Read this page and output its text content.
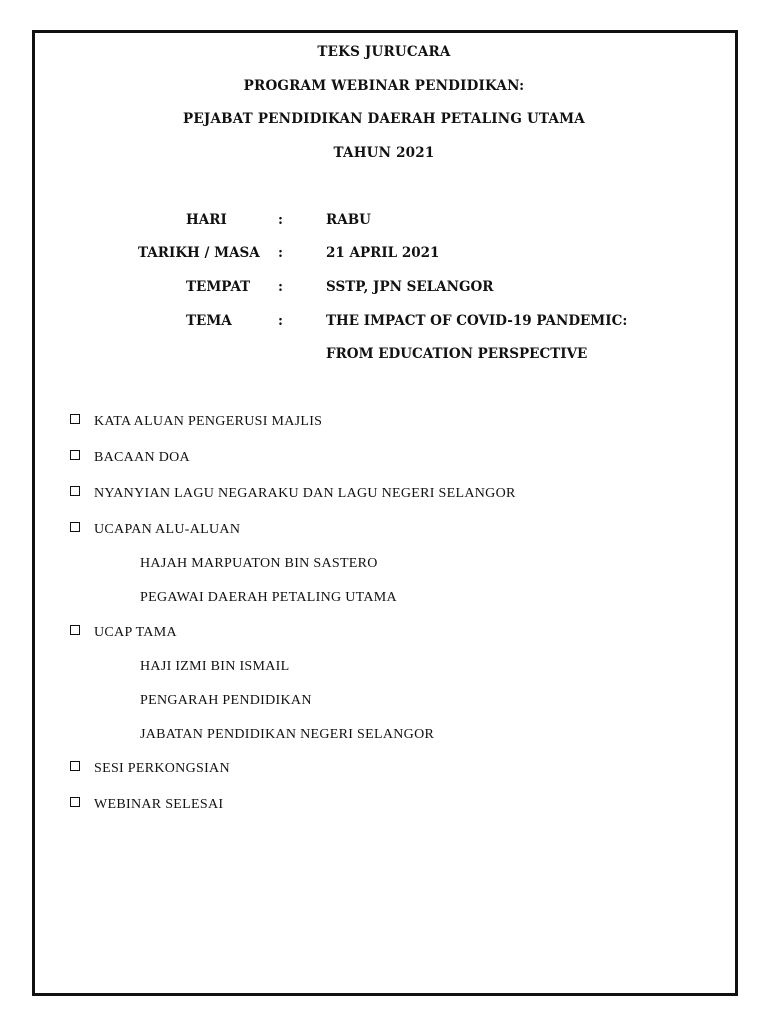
TEKS JURUCARA
PROGRAM WEBINAR PENDIDIKAN:
PEJABAT PENDIDIKAN DAERAH PETALING UTAMA
TAHUN 2021
HARI	:	RABU
TARIKH / MASA	:	21 APRIL 2021
TEMPAT	:	SSTP, JPN SELANGOR
TEMA	:	THE IMPACT OF COVID-19 PANDEMIC:
FROM EDUCATION PERSPECTIVE
KATA ALUAN PENGERUSI MAJLIS
BACAAN DOA
NYANYIAN LAGU NEGARAKU DAN LAGU NEGERI SELANGOR
UCAPAN ALU-ALUAN
HAJAH MARPUATON BIN SASTERO
PEGAWAI DAERAH PETALING UTAMA
UCAP TAMA
HAJI IZMI BIN ISMAIL
PENGARAH PENDIDIKAN
JABATAN PENDIDIKAN NEGERI SELANGOR
SESI PERKONGSIAN
WEBINAR SELESAI
